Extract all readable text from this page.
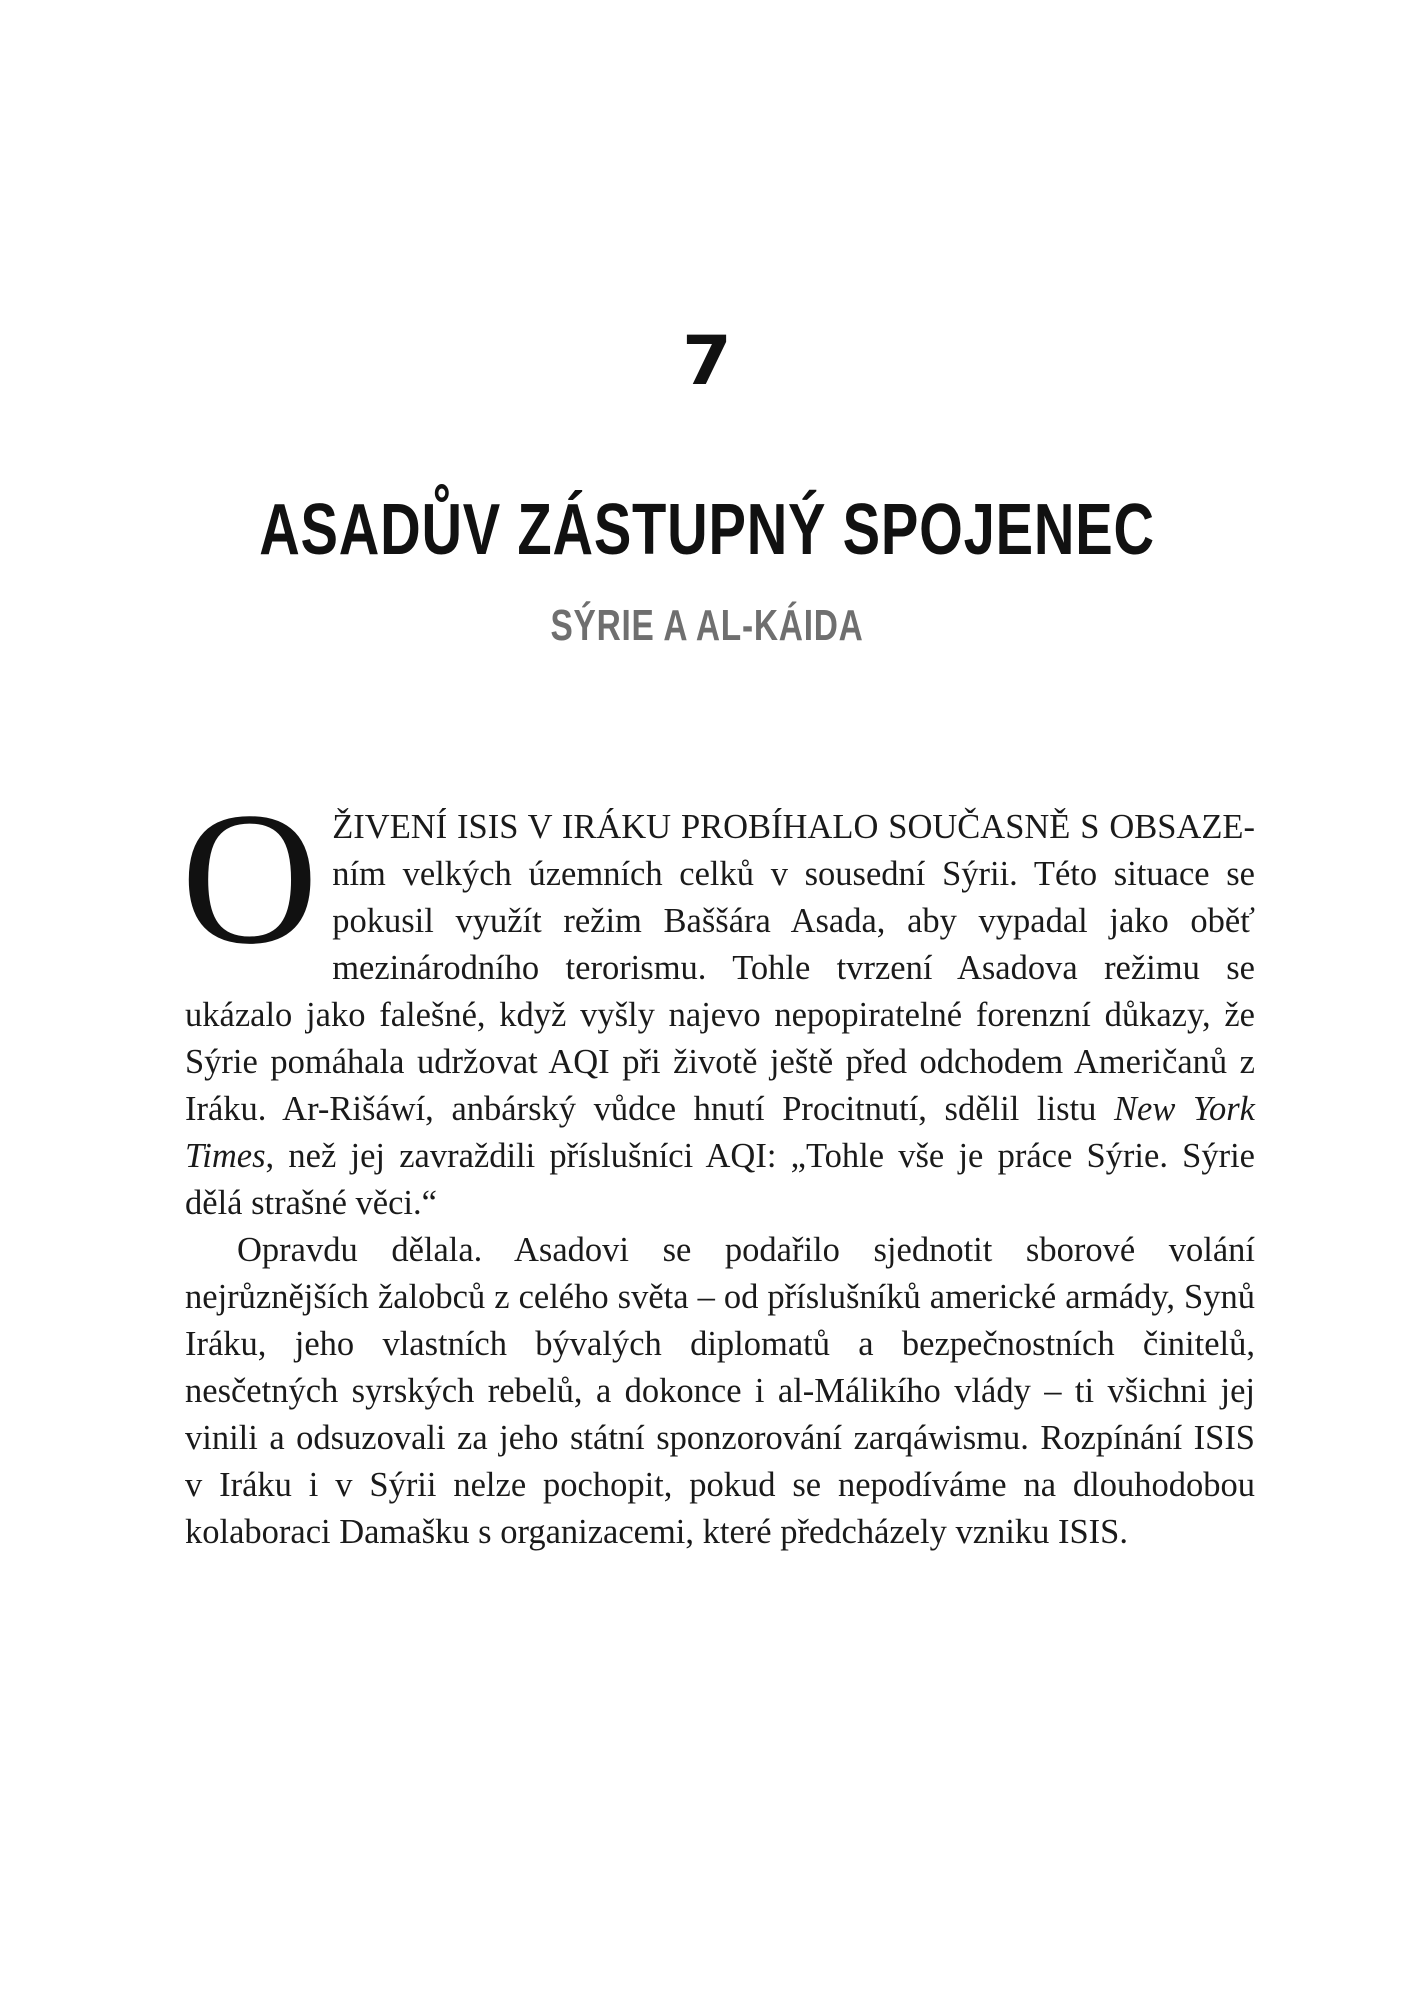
7
ASADŮV ZÁSTUPNÝ SPOJENEC
SÝRIE A AL-KÁIDA

OŽIVENÍ ISIS V IRÁKU PROBÍHALO SOUČASNĚ S OBSAZE-ním velkých územních celků v sousední Sýrii. Této situace se pokusil využít režim Baššára Asada, aby vypadal jako oběť mezinárodního terorismu. Tohle tvrzení Asadova režimu se ukázalo jako falešné, když vyšly najevo nepopiratelné forenzní důkazy, že Sýrie pomáhala udržovat AQI při životě ještě před odchodem Američanů z Iráku. Ar-Rišáwí, anbárský vůdce hnutí Procitnutí, sdělil listu New York Times, než jej zavraždili příslušníci AQI: „Tohle vše je práce Sýrie. Sýrie dělá strašné věci.“

Opravdu dělala. Asadovi se podařilo sjednotit sborové volání nejrůznějších žalobců z celého světa – od příslušníků americké armády, Synů Iráku, jeho vlastních bývalých diplomatů a bezpečnostních činitelů, nesčetných syrských rebelů, a dokonce i al-Málikího vlády – ti všichni jej vinili a odsuzovali za jeho státní sponzorování zarqáwismu. Rozpínání ISIS v Iráku i v Sýrii nelze pochopit, pokud se nepodíváme na dlouhodobou kolaboraci Damašku s organizacemi, které předcházely vzniku ISIS.
